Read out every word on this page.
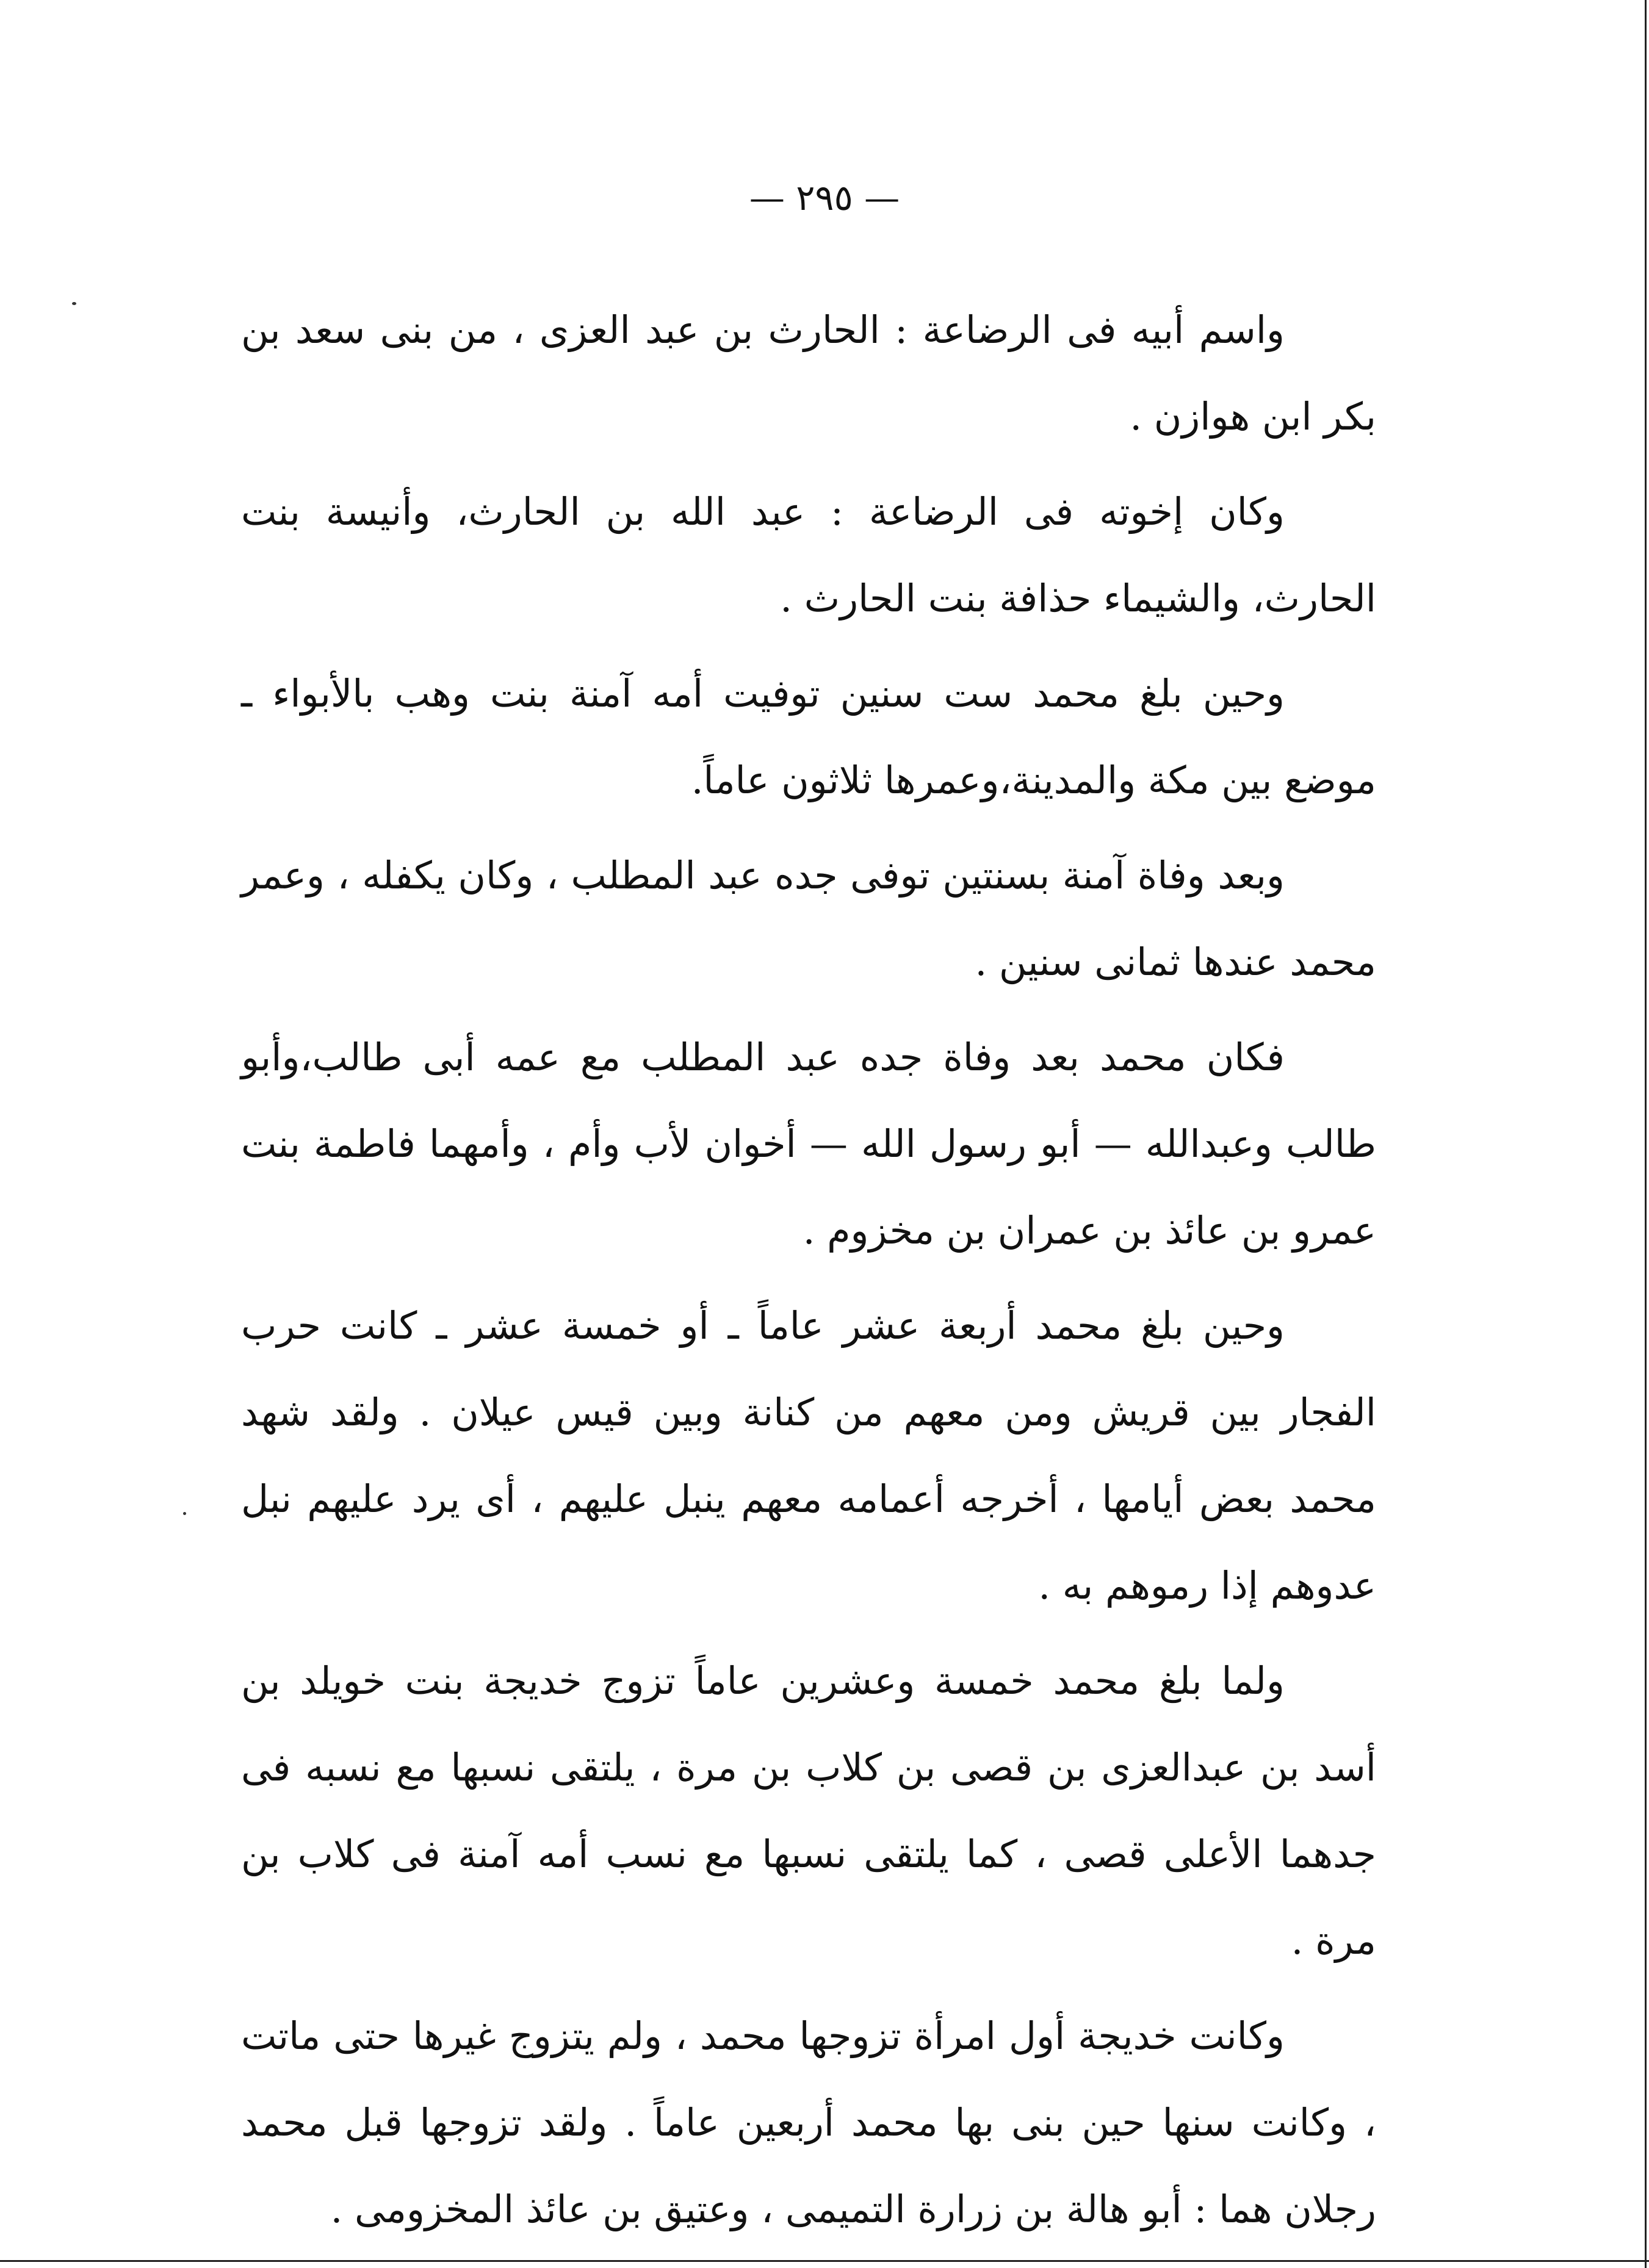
— ٢٩٥ —

واسم أبيه فى الرضاعة : الحارث بن عبد العزى ، من بنى سعد بن بكر ابن هوازن .

وكان إخوته فى الرضاعة : عبد الله بن الحارث، وأنيسة بنت الحارث، والشيماء حذافة بنت الحارث .

وحين بلغ محمد ست سنين توفيت أمه آمنة بنت وهب بالأبواء ـ موضع بين مكة والمدينة،وعمرها ثلاثون عاماً.

وبعد وفاة آمنة بسنتين توفى جده عبد المطلب ، وكان يكفله ، وعمر محمد عندها ثمانى سنين .

فكان محمد بعد وفاة جده عبد المطلب مع عمه أبى طالب،وأبو طالب وعبدالله — أبو رسول الله — أخوان لأب وأم ، وأمهما فاطمة بنت عمرو بن عائذ بن عمران بن مخزوم .

وحين بلغ محمد أربعة عشر عاماً ـ أو خمسة عشر ـ كانت حرب الفجار بين قريش ومن معهم من كنانة وبين قيس عيلان . ولقد شهد محمد بعض أيامها ، أخرجه أعمامه معهم ينبل عليهم ، أى يرد عليهم نبل عدوهم إذا رموهم به .

ولما بلغ محمد خمسة وعشرين عاماً تزوج خديجة بنت خويلد بن أسد بن عبدالعزى بن قصى بن كلاب بن مرة ، يلتقى نسبها مع نسبه فى جدهما الأعلى قصى ، كما يلتقى نسبها مع نسب أمه آمنة فى كلاب بن مرة .

وكانت خديجة أول امرأة تزوجها محمد ، ولم يتزوج غيرها حتى ماتت ، وكانت سنها حين بنى بها محمد أربعين عاماً . ولقد تزوجها قبل محمد رجلان هما : أبو هالة بن زرارة التميمى ، وعتيق بن عائذ المخزومى .
